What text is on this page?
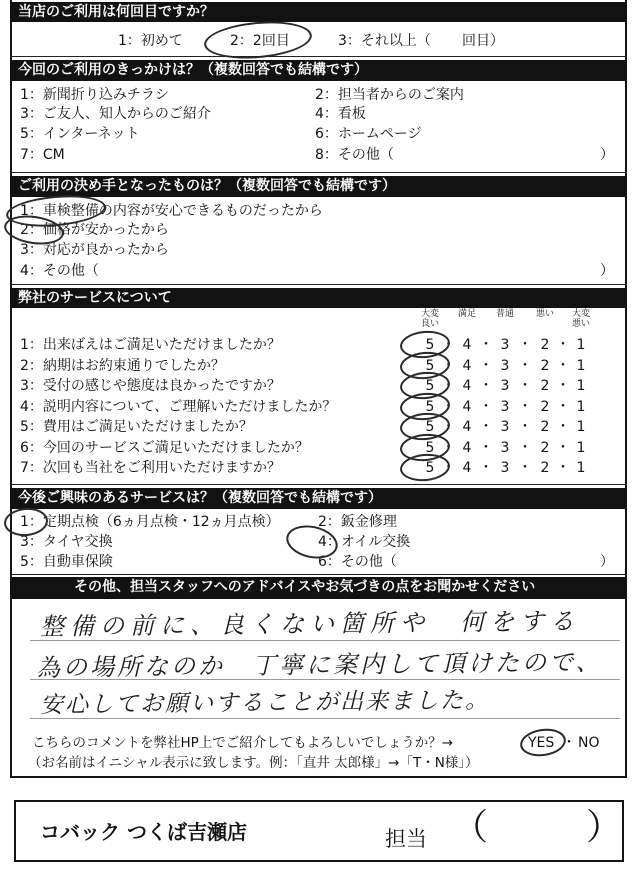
当店のご利用は何回目ですか？
1：初めて	2：2回目	3：それ以上（ 回目）
今回のご利用のきっかけは？（複数回答でも結構です）
1：新聞折り込みチラシ	2：担当者からのご案内
3：ご友人、知人からのご紹介	4：看板
5：インターネット	6：ホームページ
7：CM	8：その他（	）
ご利用の決め手となったものは？（複数回答でも結構です）
1：車検整備の内容が安心できるものだったから
2：価格が安かったから
3：対応が良かったから
4：その他（	）
弊社のサービスについて
大変良い
満足 普通 悪い 大変悪い
1：出来ばえはご満足いただけましたか？	5 ・ 4 ・ 3 ・ 2 ・ 1
2：納期はお約束通りでしたか？	5 ・ 4 ・ 3 ・ 2 ・ 1
3：受付の感じや態度は良かったですか？	5 ・ 4 ・ 3 ・ 2 ・ 1
4：説明内容について、ご理解いただけましたか？	5 ・ 4 ・ 3 ・ 2 ・ 1
5：費用はご満足いただけましたか？	5 ・ 4 ・ 3 ・ 2 ・ 1
6：今回のサービスご満足いただけましたか？	5 ・ 4 ・ 3 ・ 2 ・ 1
7：次回も当社をご利用いただけますか？	5 ・ 4 ・ 3 ・ 2 ・ 1
今後ご興味のあるサービスは？（複数回答でも結構です）
1：定期点検（6ヵ月点検・12ヵ月点検）	2：鈑金修理
3：タイヤ交換	4：オイル交換
5：自動車保険	6：その他（	）
その他、担当スタッフへのアドバイスやお気づきの点をお聞かせください
整備の前に、良くない箇所や　何をする
為の場所なのか　丁寧に案内して頂けたので、
安心してお願いすることが出来ました。
こちらのコメントを弊社HP上でご紹介してもよろしいでしょうか？→	YES ・ NO
（お名前はイニシャル表示に致します。例：「直井 太郎様」→「T・N様」）
コバック つくば吉瀬店	担当 （	）
